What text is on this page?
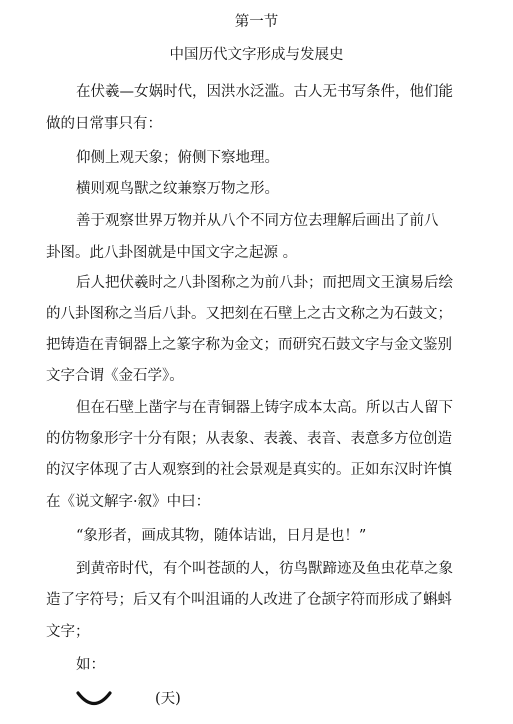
第一节
中国历代文字形成与发展史
在伏羲—女娲时代，因洪水泛滥。古人无书写条件，他们能
做的日常事只有：
仰侧上观天象；俯侧下察地理。
横则观鸟獸之纹兼察万物之形。
善于观察世界万物并从八个不同方位去理解后画出了前八
卦图。此八卦图就是中国文字之起源 。
后人把伏羲时之八卦图称之为前八卦；而把周文王演易后绘
的八卦图称之当后八卦。又把刻在石壁上之古文称之为石鼓文；
把铸造在青铜器上之篆字称为金文；而研究石鼓文字与金文鉴别
文字合谓《金石学》。
但在石壁上凿字与在青铜器上铸字成本太高。所以古人留下
的仿物象形字十分有限；从表象、表義、表音、表意多方位创造
的汉字体现了古人观察到的社会景观是真实的。正如东汉时许慎
在《说文解字·叙》中曰：
“象形者，画成其物，随体诘诎，日月是也！”
到黄帝时代，有个叫苍颉的人，彷鸟獸蹄迹及鱼虫花草之象
造了字符号；后又有个叫沮诵的人改进了仓颉字符而形成了蝌蚪
文字；
如：
(天)
